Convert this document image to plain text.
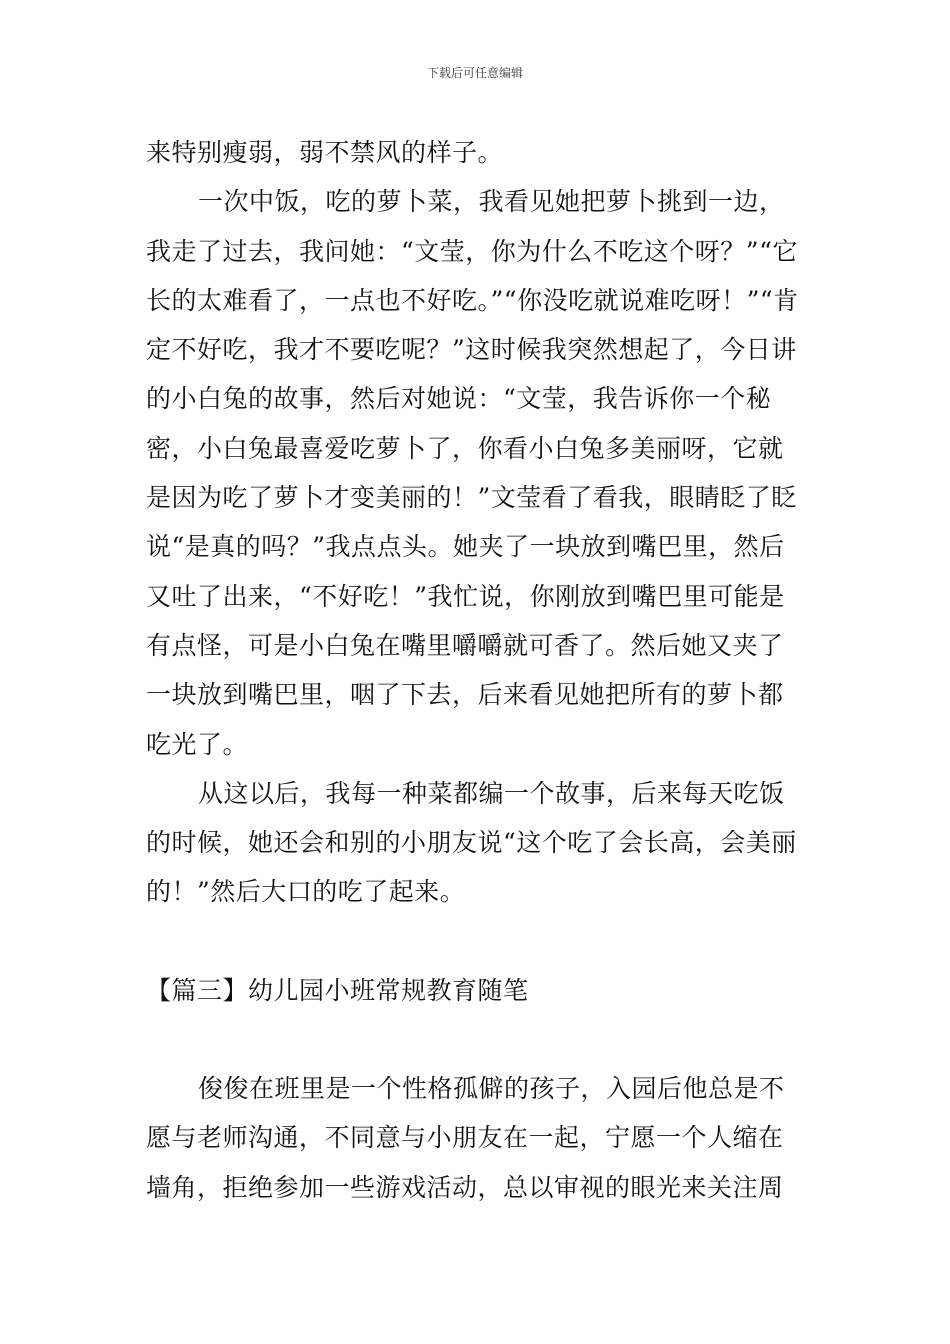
下载后可任意编辑

来特别瘦弱，弱不禁风的样子。

一次中饭，吃的萝卜菜，我看见她把萝卜挑到一边，我走了过去，我问她：“文莹，你为什么不吃这个呀？”“它长的太难看了，一点也不好吃。”“你没吃就说难吃呀！”“肯定不好吃，我才不要吃呢？”这时候我突然想起了，今日讲的小白兔的故事，然后对她说：“文莹，我告诉你一个秘密，小白兔最喜爱吃萝卜了，你看小白兔多美丽呀，它就是因为吃了萝卜才变美丽的！”文莹看了看我，眼睛眨了眨说“是真的吗？”我点点头。她夹了一块放到嘴巴里，然后又吐了出来，“不好吃！”我忙说，你刚放到嘴巴里可能是有点怪，可是小白兔在嘴里嚼嚼就可香了。然后她又夹了一块放到嘴巴里，咽了下去，后来看见她把所有的萝卜都吃光了。

从这以后，我每一种菜都编一个故事，后来每天吃饭的时候，她还会和别的小朋友说“这个吃了会长高，会美丽的！”然后大口的吃了起来。

【篇三】幼儿园小班常规教育随笔

俊俊在班里是一个性格孤僻的孩子，入园后他总是不愿与老师沟通，不同意与小朋友在一起，宁愿一个人缩在墙角，拒绝参加一些游戏活动，总以审视的眼光来关注周
